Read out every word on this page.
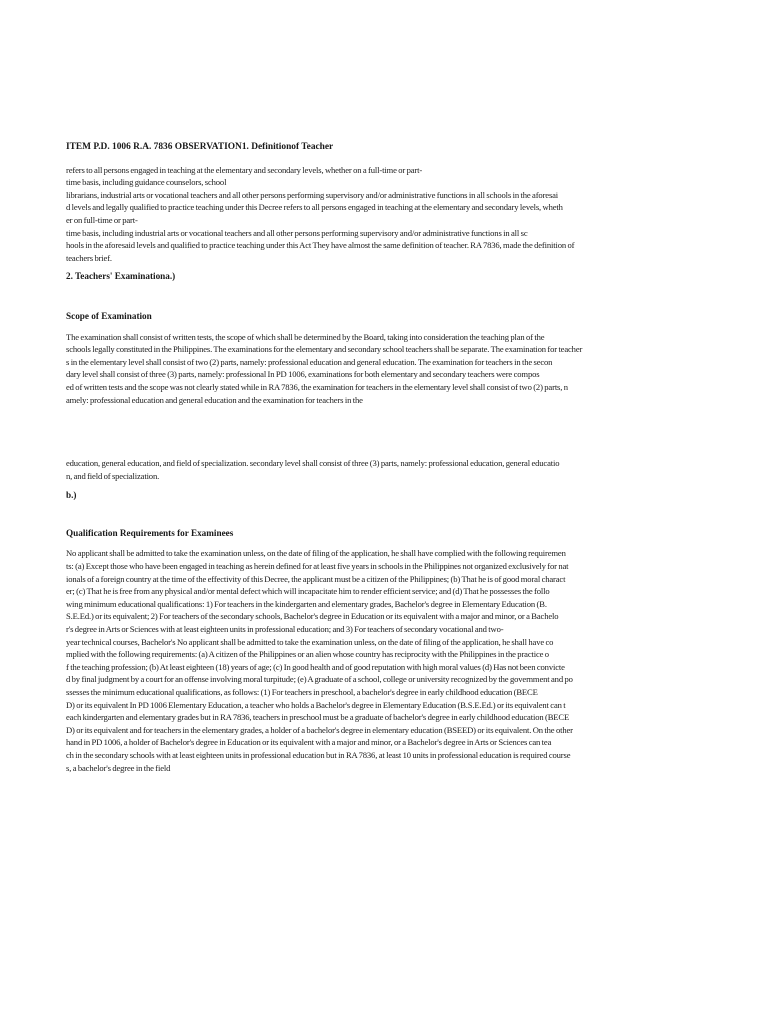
ITEM P.D. 1006 R.A. 7836 OBSERVATION1. Definitionof Teacher

refers to all persons engaged in teaching at the elementary and secondary levels, whether on a full-time or part-
time basis, including guidance counselors, school
librarians, industrial arts or vocational teachers and all other persons performing supervisory and/or administrative functions in all schools in the aforesai
d levels and legally qualified to practice teaching under this Decree refers to all persons engaged in teaching at the elementary and secondary levels, wheth
er on full-time or part-
time basis, including industrial arts or vocational teachers and all other persons performing supervisory and/or administrative functions in all sc
hools in the aforesaid levels and qualified to practice teaching under this Act They have almost the same definition of teacher. RA 7836, made the definition of
teachers brief.

2. Teachers' Examinationa.)

Scope of Examination

The examination shall consist of written tests, the scope of which shall be determined by the Board, taking into consideration the teaching plan of the
schools legally constituted in the Philippines. The examinations for the elementary and secondary school teachers shall be separate. The examination for teacher
s in the elementary level shall consist of two (2) parts, namely: professional education and general education. The examination for teachers in the secon
dary level shall consist of three (3) parts, namely: professional In PD 1006, examinations for both elementary and secondary teachers were compos
ed of written tests and the scope was not clearly stated while in RA 7836, the examination for teachers in the elementary level shall consist of two (2) parts, n
amely: professional education and general education and the examination for teachers in the
education, general education, and field of specialization. secondary level shall consist of three (3) parts, namely: professional education, general educatio
n, and field of specialization.

b.)

Qualification Requirements for Examinees

No applicant shall be admitted to take the examination unless, on the date of filing of the application, he shall have complied with the following requiremen
ts: (a) Except those who have been engaged in teaching as herein defined for at least five years in schools in the Philippines not organized exclusively for nat
ionals of a foreign country at the time of the effectivity of this Decree, the applicant must be a citizen of the Philippines; (b) That he is of good moral charact
er; (c) That he is free from any physical and/or mental defect which will incapacitate him to render efficient service; and (d) That he possesses the follo
wing minimum educational qualifications: 1) For teachers in the kindergarten and elementary grades, Bachelor's degree in Elementary Education (B.
S.E.Ed.) or its equivalent; 2) For teachers of the secondary schools, Bachelor's degree in Education or its equivalent with a major and minor, or a Bachelo
r's degree in Arts or Sciences with at least eighteen units in professional education; and 3) For teachers of secondary vocational and two-
year technical courses, Bachelor's No applicant shall be admitted to take the examination unless, on the date of filing of the application, he shall have co
mplied with the following requirements: (a) A citizen of the Philippines or an alien whose country has reciprocity with the Philippines in the practice o
f the teaching profession; (b) At least eighteen (18) years of age; (c) In good health and of good reputation with high moral values (d) Has not been convicte
d by final judgment by a court for an offense involving moral turpitude; (e) A graduate of a school, college or university recognized by the government and po
ssesses the minimum educational qualifications, as follows: (1) For teachers in preschool, a bachelor's degree in early childhood education (BECE
D) or its equivalent In PD 1006 Elementary Education, a teacher who holds a Bachelor's degree in Elementary Education (B.S.E.Ed.) or its equivalent can t
each kindergarten and elementary grades but in RA 7836, teachers in preschool must be a graduate of bachelor's degree in early childhood education (BECE
D) or its equivalent and for teachers in the elementary grades, a holder of a bachelor's degree in elementary education (BSEED) or its equivalent. On the other
hand in PD 1006, a holder of Bachelor's degree in Education or its equivalent with a major and minor, or a Bachelor's degree in Arts or Sciences can tea
ch in the secondary schools with at least eighteen units in professional education but in RA 7836, at least 10 units in professional education is required course
s, a bachelor's degree in the field
